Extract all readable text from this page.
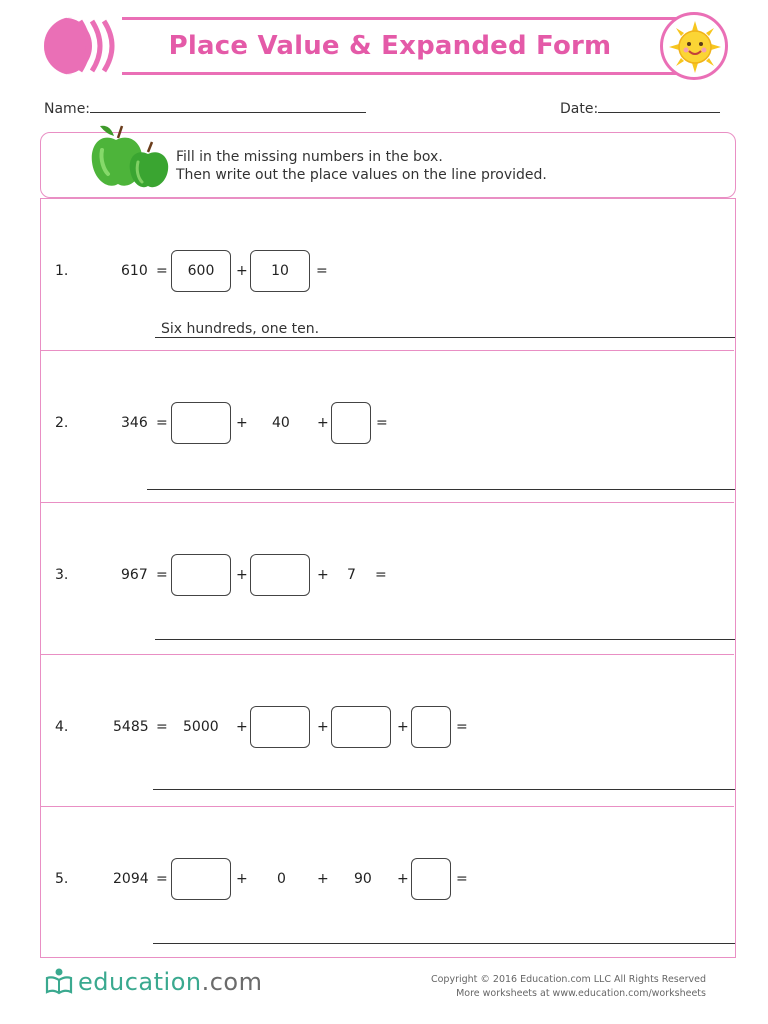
Place Value & Expanded Form
Name:	Date:
Fill in the missing numbers in the box.
Then write out the place values on the line provided.
1.	610 =	600	+	10	=
Six hundreds, one ten.
2.	346 =	+ 40 +	=
3.	967 =	+	+ 7 =
4.	5485 = 5000 +	+	+	=
5.	2094 =	+ 0 + 90 +	=
education.com	Copyright © 2016 Education.com LLC All Rights Reserved
More worksheets at www.education.com/worksheets
